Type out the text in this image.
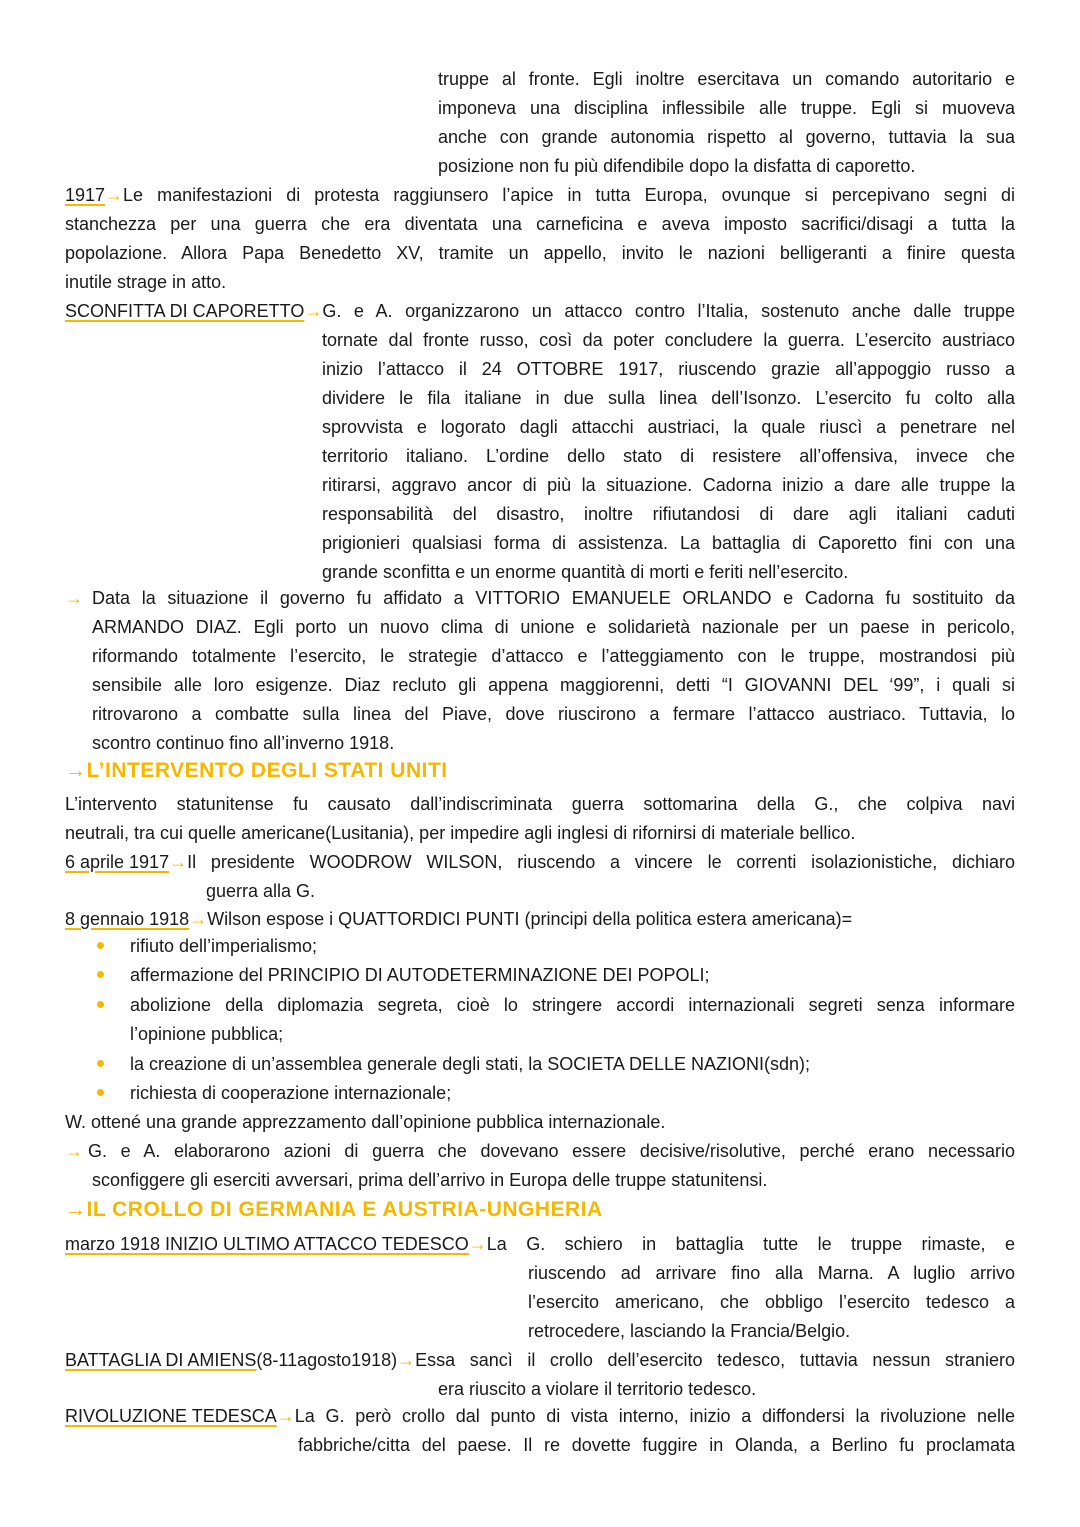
truppe al fronte. Egli inoltre esercitava un comando autoritario e
imponeva una disciplina inflessibile alle truppe. Egli si muoveva
anche con grande autonomia rispetto al governo, tuttavia la sua
posizione non fu più difendibile dopo la disfatta di caporetto.
1917 → Le manifestazioni di protesta raggiunsero l’apice in tutta Europa, ovunque si percepivano segni di
stanchezza per una guerra che era diventata una carneficina e aveva imposto sacrifici/disagi a tutta la
popolazione. Allora Papa Benedetto XV, tramite un appello, invito le nazioni belligeranti a finire questa
inutile strage in atto.
SCONFITTA DI CAPORETTO → G. e A. organizzarono un attacco contro l’Italia, sostenuto anche dalle truppe
tornate dal fronte russo, così da poter concludere la guerra. L’esercito austriaco
inizio l’attacco il 24 OTTOBRE 1917, riuscendo grazie all’appoggio russo a
dividere le fila italiane in due sulla linea dell’Isonzo. L’esercito fu colto alla
sprovvista e logorato dagli attacchi austriaci, la quale riuscì a penetrare nel
territorio italiano. L’ordine dello stato di resistere all’offensiva, invece che
ritirarsi, aggravo ancor di più la situazione. Cadorna inizio a dare alle truppe la
responsabilità del disastro, inoltre rifiutandosi di dare agli italiani caduti
prigionieri qualsiasi forma di assistenza. La battaglia di Caporetto fini con una
grande sconfitta e un enorme quantità di morti e feriti nell’esercito.
→ Data la situazione il governo fu affidato a VITTORIO EMANUELE ORLANDO e Cadorna fu sostituito da
ARMANDO DIAZ. Egli porto un nuovo clima di unione e solidarietà nazionale per un paese in pericolo,
riformando totalmente l’esercito, le strategie d’attacco e l’atteggiamento con le truppe, mostrandosi più
sensibile alle loro esigenze. Diaz recluto gli appena maggiorenni, detti “I GIOVANNI DEL ‘99”, i quali si
ritrovarono a combatte sulla linea del Piave, dove riuscirono a fermare l’attacco austriaco. Tuttavia, lo
scontro continuo fino all’inverno 1918.
→L’INTERVENTO DEGLI STATI UNITI
L’intervento statunitense fu causato dall’indiscriminata guerra sottomarina della G., che colpiva navi
neutrali, tra cui quelle americane(Lusitania), per impedire agli inglesi di rifornirsi di materiale bellico.
6 aprile 1917 → Il presidente WOODROW WILSON, riuscendo a vincere le correnti isolazionistiche, dichiaro
guerra alla G.
8 gennaio 1918→Wilson espose i QUATTORDICI PUNTI (principi della politica estera americana)=
rifiuto dell’imperialismo;
affermazione del PRINCIPIO DI AUTODETERMINAZIONE DEI POPOLI;
abolizione della diplomazia segreta, cioè lo stringere accordi internazionali segreti senza informare
l’opinione pubblica;
la creazione di un’assemblea generale degli stati, la SOCIETA DELLE NAZIONI(sdn);
richiesta di cooperazione internazionale;
W. ottené una grande apprezzamento dall’opinione pubblica internazionale.
→ G. e A. elaborarono azioni di guerra che dovevano essere decisive/risolutive, perché erano necessario
sconfiggere gli eserciti avversari, prima dell’arrivo in Europa delle truppe statunitensi.
→IL CROLLO DI GERMANIA E AUSTRIA-UNGHERIA
marzo 1918 INIZIO ULTIMO ATTACCO TEDESCO → La G. schiero in battaglia tutte le truppe rimaste, e
riuscendo ad arrivare fino alla Marna. A luglio arrivo
l’esercito americano, che obbligo l’esercito tedesco a
retrocedere, lasciando la Francia/Belgio.
BATTAGLIA DI AMIENS (8-11agosto1918) → Essa sancì il crollo dell’esercito tedesco, tuttavia nessun straniero
era riuscito a violare il territorio tedesco.
RIVOLUZIONE TEDESCA → La G. però crollo dal punto di vista interno, inizio a diffondersi la rivoluzione nelle
fabbriche/citta del paese. Il re dovette fuggire in Olanda, a Berlino fu proclamata
